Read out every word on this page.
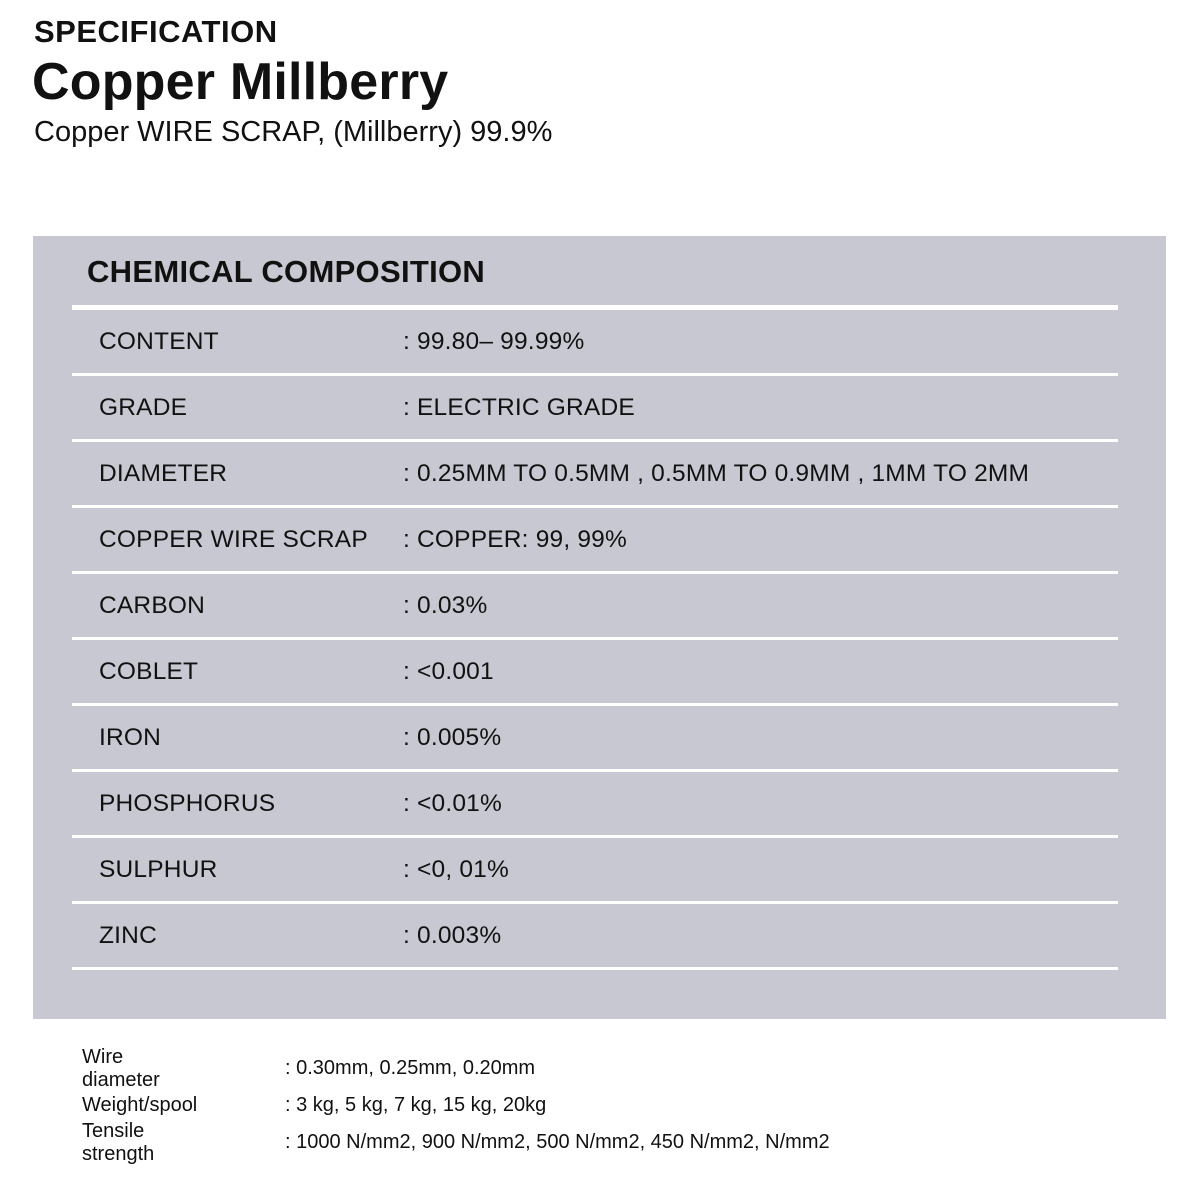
SPECIFICATION
Copper Millberry

Copper WIRE SCRAP, (Millberry) 99.9%

CHEMICAL COMPOSITION
CONTENT	: 99.80– 99.99%
GRADE	: ELECTRIC GRADE
DIAMETER	: 0.25MM TO 0.5MM , 0.5MM TO 0.9MM , 1MM TO 2MM
COPPER WIRE SCRAP : COPPER: 99, 99%
CARBON	: 0.03%
COBLET	: <0.001
IRON	: 0.005%
PHOSPHORUS	: <0.01%
SULPHUR	: <0, 01%
ZINC	: 0.003%
Wire diameter
: 0.30mm, 0.25mm, 0.20mm
Weight/spool	: 3 kg, 5 kg, 7 kg, 15 kg, 20kg
Tensile strength
: 1000 N/mm2, 900 N/mm2, 500 N/mm2, 450 N/mm2, N/mm2
